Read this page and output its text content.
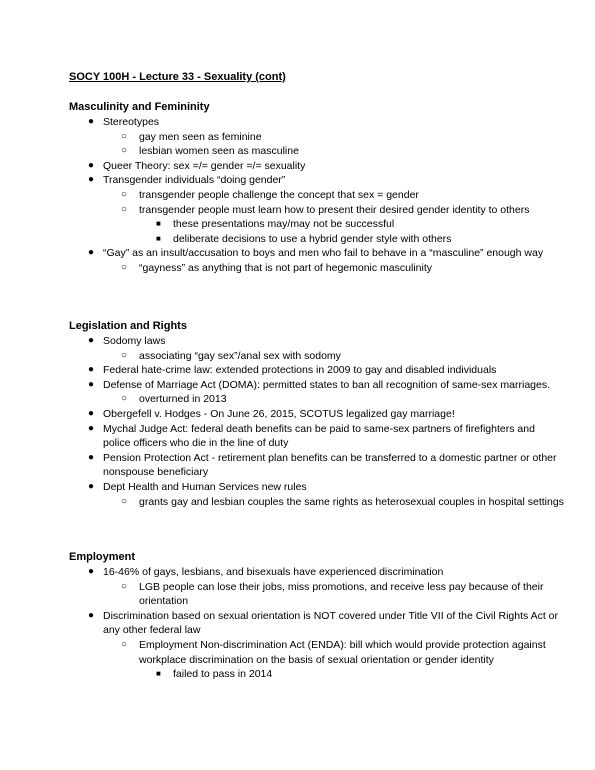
SOCY 100H - Lecture 33 - Sexuality (cont)
Masculinity and Femininity
● Stereotypes
○ gay men seen as feminine
○ lesbian women seen as masculine
● Queer Theory: sex =/= gender =/= sexuality
● Transgender individuals “doing gender”
○ transgender people challenge the concept that sex = gender
○ transgender people must learn how to present their desired gender identity to others
■ these presentations may/may not be successful
■ deliberate decisions to use a hybrid gender style with others
● “Gay” as an insult/accusation to boys and men who fail to behave in a “masculine” enough way
○ “gayness” as anything that is not part of hegemonic masculinity
Legislation and Rights
● Sodomy laws
○ associating “gay sex”/anal sex with sodomy
● Federal hate-crime law: extended protections in 2009 to gay and disabled individuals
● Defense of Marriage Act (DOMA): permitted states to ban all recognition of same-sex marriages.
○ overturned in 2013
● Obergefell v. Hodges - On June 26, 2015, SCOTUS legalized gay marriage!
● Mychal Judge Act: federal death benefits can be paid to same-sex partners of firefighters and police officers who die in the line of duty
● Pension Protection Act - retirement plan benefits can be transferred to a domestic partner or other nonspouse beneficiary
● Dept Health and Human Services new rules
○ grants gay and lesbian couples the same rights as heterosexual couples in hospital settings
Employment
● 16-46% of gays, lesbians, and bisexuals have experienced discrimination
○ LGB people can lose their jobs, miss promotions, and receive less pay because of their orientation
● Discrimination based on sexual orientation is NOT covered under Title VII of the Civil Rights Act or any other federal law
○ Employment Non-discrimination Act (ENDA): bill which would provide protection against workplace discrimination on the basis of sexual orientation or gender identity
■ failed to pass in 2014
